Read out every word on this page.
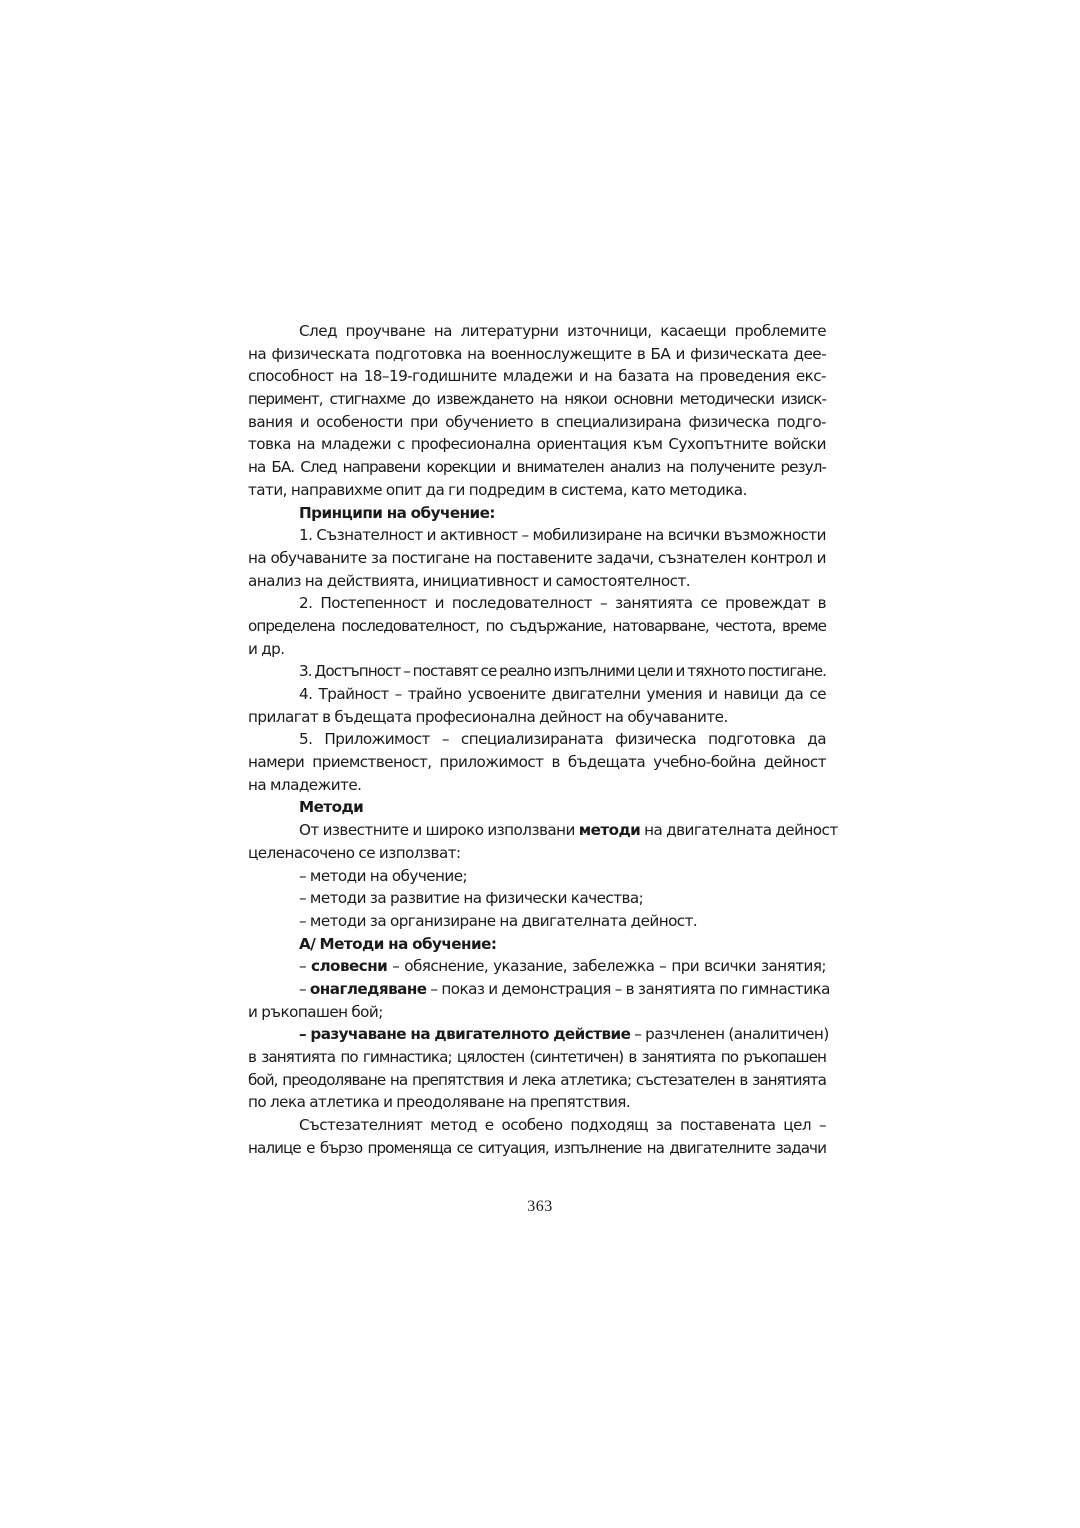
След проучване на литературни източници, касаещи проблемите
на физическата подготовка на военнослужещите в БА и физическата дее-
способност на 18–19-годишните младежи и на базата на проведения екс-
перимент, стигнахме до извеждането на някои основни методически изиск-
вания и особености при обучението в специализирана физическа подго-
товка на младежи с професионална ориентация към Сухопътните войски
на БА. След направени корекции и внимателен анализ на получените резул-
тати, направихме опит да ги подредим в система, като методика.
Принципи на обучение:
1. Съзнателност и активност – мобилизиране на всички възможности
на обучаваните за постигане на поставените задачи, съзнателен контрол и
анализ на действията, инициативност и самостоятелност.
2. Постепенност и последователност – занятията се провеждат в
определена последователност, по съдържание, натоварване, честота, време
и др.
3. Достъпност – поставят се реално изпълними цели и тяхното постигане.
4. Трайност – трайно усвоените двигателни умения и навици да се
прилагат в бъдещата професионална дейност на обучаваните.
5. Приложимост – специализираната физическа подготовка да
намери приемственост, приложимост в бъдещата учебно-бойна дейност
на младежите.
Методи
От известните и широко използвани методи на двигателната дейност
целенасочено се използват:
– методи на обучение;
– методи за развитие на физически качества;
– методи за организиране на двигателната дейност.
А/ Методи на обучение:
– словесни – обяснение, указание, забележка – при всички занятия;
– онагледяване – показ и демонстрация – в занятията по гимнастика
и ръкопашен бой;
– разучаване на двигателното действие – разчленен (аналитичен)
в занятията по гимнастика; цялостен (синтетичен) в занятията по ръкопашен
бой, преодоляване на препятствия и лека атлетика; състезателен в занятията
по лека атлетика и преодоляване на препятствия.
Състезателният метод е особено подходящ за поставената цел –
налице е бързо променяща се ситуация, изпълнение на двигателните задачи
363
